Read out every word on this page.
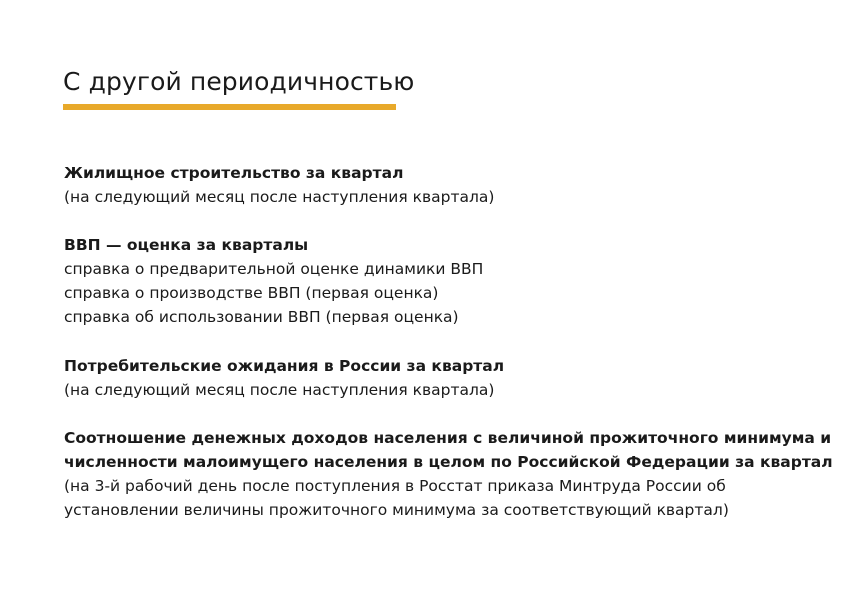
С другой периодичностью
Жилищное строительство за квартал
(на следующий месяц после наступления квартала)
ВВП — оценка за кварталы
справка о предварительной оценке динамики ВВП
справка о производстве ВВП (первая оценка)
справка об использовании ВВП (первая оценка)
Потребительские ожидания в России за квартал
(на следующий месяц после наступления квартала)
Соотношение денежных доходов населения с величиной прожиточного минимума и
численности малоимущего населения в целом по Российской Федерации за квартал
(на 3-й рабочий день после поступления в Росстат приказа Минтруда России об
установлении величины прожиточного минимума за соответствующий квартал)
